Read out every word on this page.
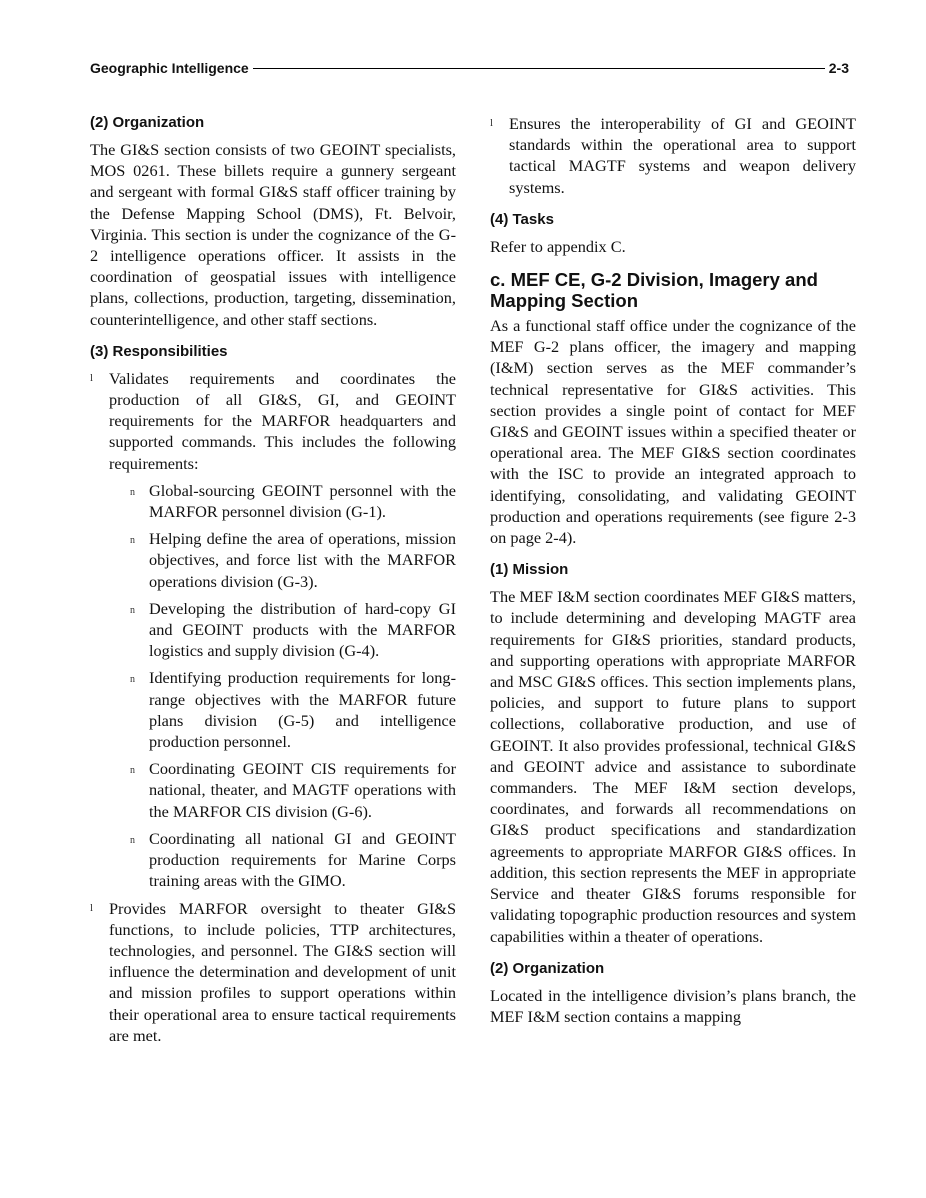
Geographic Intelligence	2-3
(2) Organization

The GI&S section consists of two GEOINT specialists, MOS 0261. These billets require a gunnery sergeant and sergeant with formal GI&S staff officer training by the Defense Mapping School (DMS), Ft. Belvoir, Virginia. This section is under the cognizance of the G-2 intelligence operations officer. It assists in the coordination of geospatial issues with intelligence plans, collections, production, targeting, dissemination, counterintelligence, and other staff sections.

(3) Responsibilities
l Validates requirements and coordinates the production of all GI&S, GI, and GEOINT requirements for the MARFOR headquarters and supported commands. This includes the following requirements:
n Global-sourcing GEOINT personnel with the MARFOR personnel division (G-1).
n Helping define the area of operations, mission objectives, and force list with the MARFOR operations division (G-3).
n Developing the distribution of hard-copy GI and GEOINT products with the MARFOR logistics and supply division (G-4).
n Identifying production requirements for long-range objectives with the MARFOR future plans division (G-5) and intelligence production personnel.
n Coordinating GEOINT CIS requirements for national, theater, and MAGTF operations with the MARFOR CIS division (G-6).
n Coordinating all national GI and GEOINT production requirements for Marine Corps training areas with the GIMO.
l Provides MARFOR oversight to theater GI&S functions, to include policies, TTP architectures, technologies, and personnel. The GI&S section will influence the determination and development of unit and mission profiles to support operations within their operational area to ensure tactical requirements are met.
l Ensures the interoperability of GI and GEOINT standards within the operational area to support tactical MAGTF systems and weapon delivery systems.
(4) Tasks

Refer to appendix C.

c. MEF CE, G-2 Division, Imagery and Mapping Section

As a functional staff office under the cognizance of the MEF G-2 plans officer, the imagery and mapping (I&M) section serves as the MEF commander’s technical representative for GI&S activities. This section provides a single point of contact for MEF GI&S and GEOINT issues within a specified theater or operational area. The MEF GI&S section coordinates with the ISC to provide an integrated approach to identifying, consolidating, and validating GEOINT production and operations requirements (see figure 2-3 on page 2-4).

(1) Mission

The MEF I&M section coordinates MEF GI&S matters, to include determining and developing MAGTF area requirements for GI&S priorities, standard products, and supporting operations with appropriate MARFOR and MSC GI&S offices. This section implements plans, policies, and support to future plans to support collections, collaborative production, and use of GEOINT. It also provides professional, technical GI&S and GEOINT advice and assistance to subordinate commanders. The MEF I&M section develops, coordinates, and forwards all recommendations on GI&S product specifications and standardization agreements to appropriate MARFOR GI&S offices. In addition, this section represents the MEF in appropriate Service and theater GI&S forums responsible for validating topographic production resources and system capabilities within a theater of operations.

(2) Organization

Located in the intelligence division’s plans branch, the MEF I&M section contains a mapping
